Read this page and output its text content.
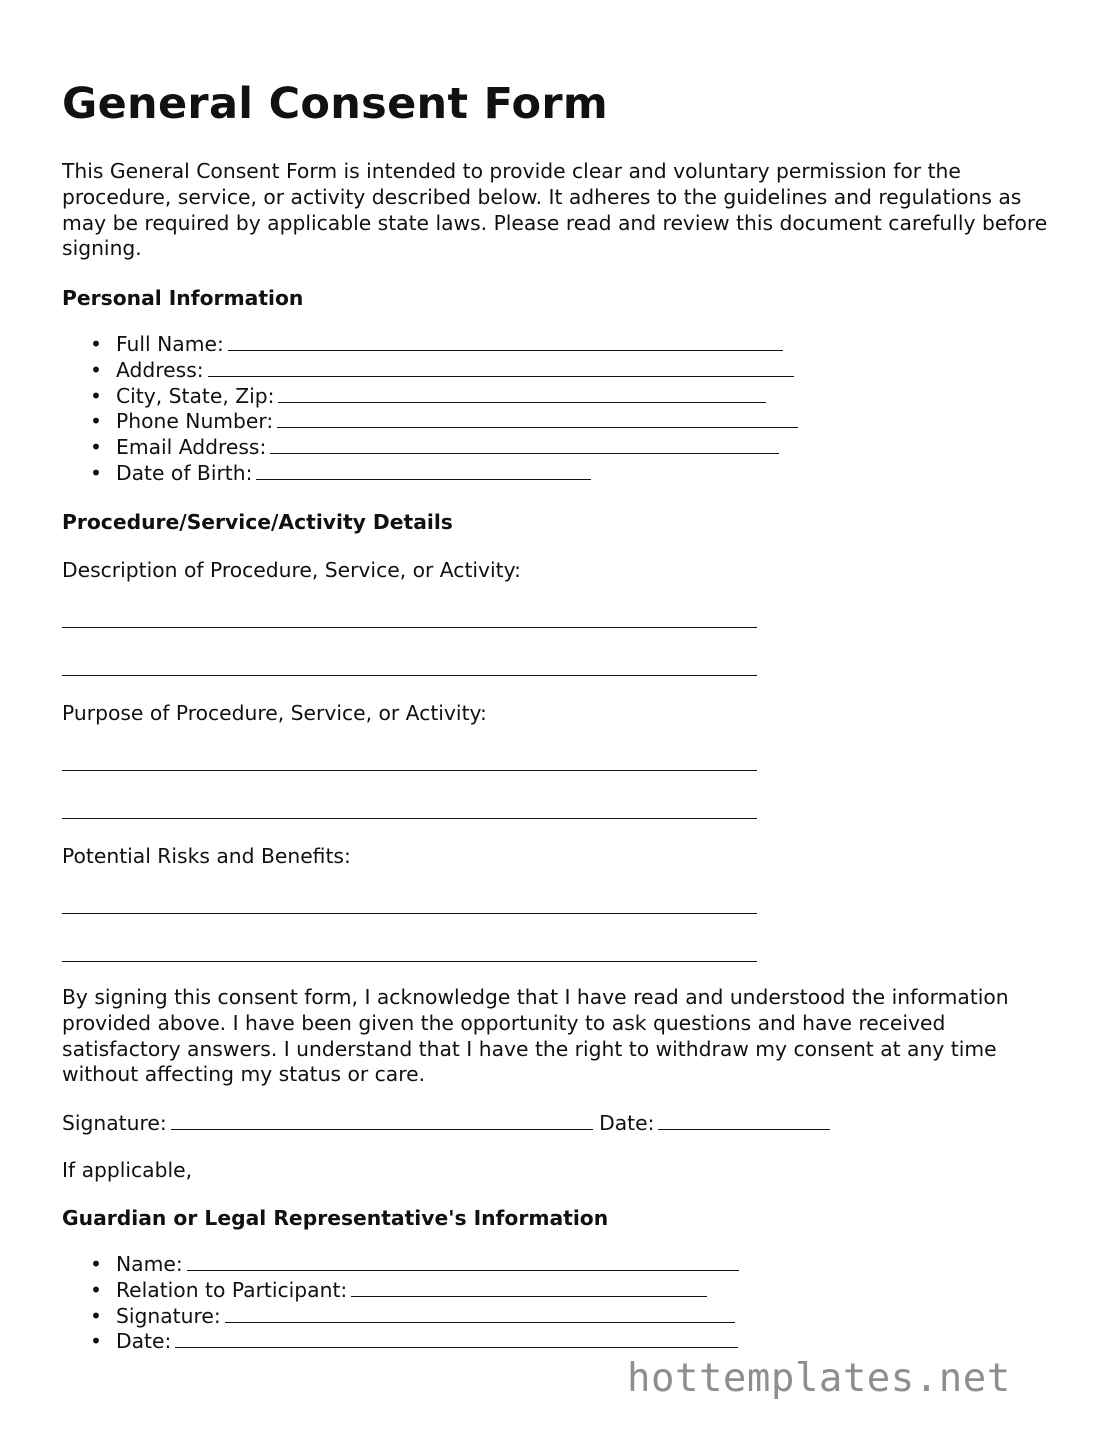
General Consent Form

This General Consent Form is intended to provide clear and voluntary permission for the procedure, service, or activity described below. It adheres to the guidelines and regulations as may be required by applicable state laws. Please read and review this document carefully before signing.

Personal Information

• Full Name:
• Address:
• City, State, Zip:
• Phone Number:
• Email Address:
• Date of Birth:

Procedure/Service/Activity Details

Description of Procedure, Service, or Activity:

Purpose of Procedure, Service, or Activity:

Potential Risks and Benefits:

By signing this consent form, I acknowledge that I have read and understood the information provided above. I have been given the opportunity to ask questions and have received satisfactory answers. I understand that I have the right to withdraw my consent at any time without affecting my status or care.

Signature:	Date:

If applicable,

Guardian or Legal Representative's Information

• Name:
• Relation to Participant:
• Signature:
• Date:
hottemplates.net
